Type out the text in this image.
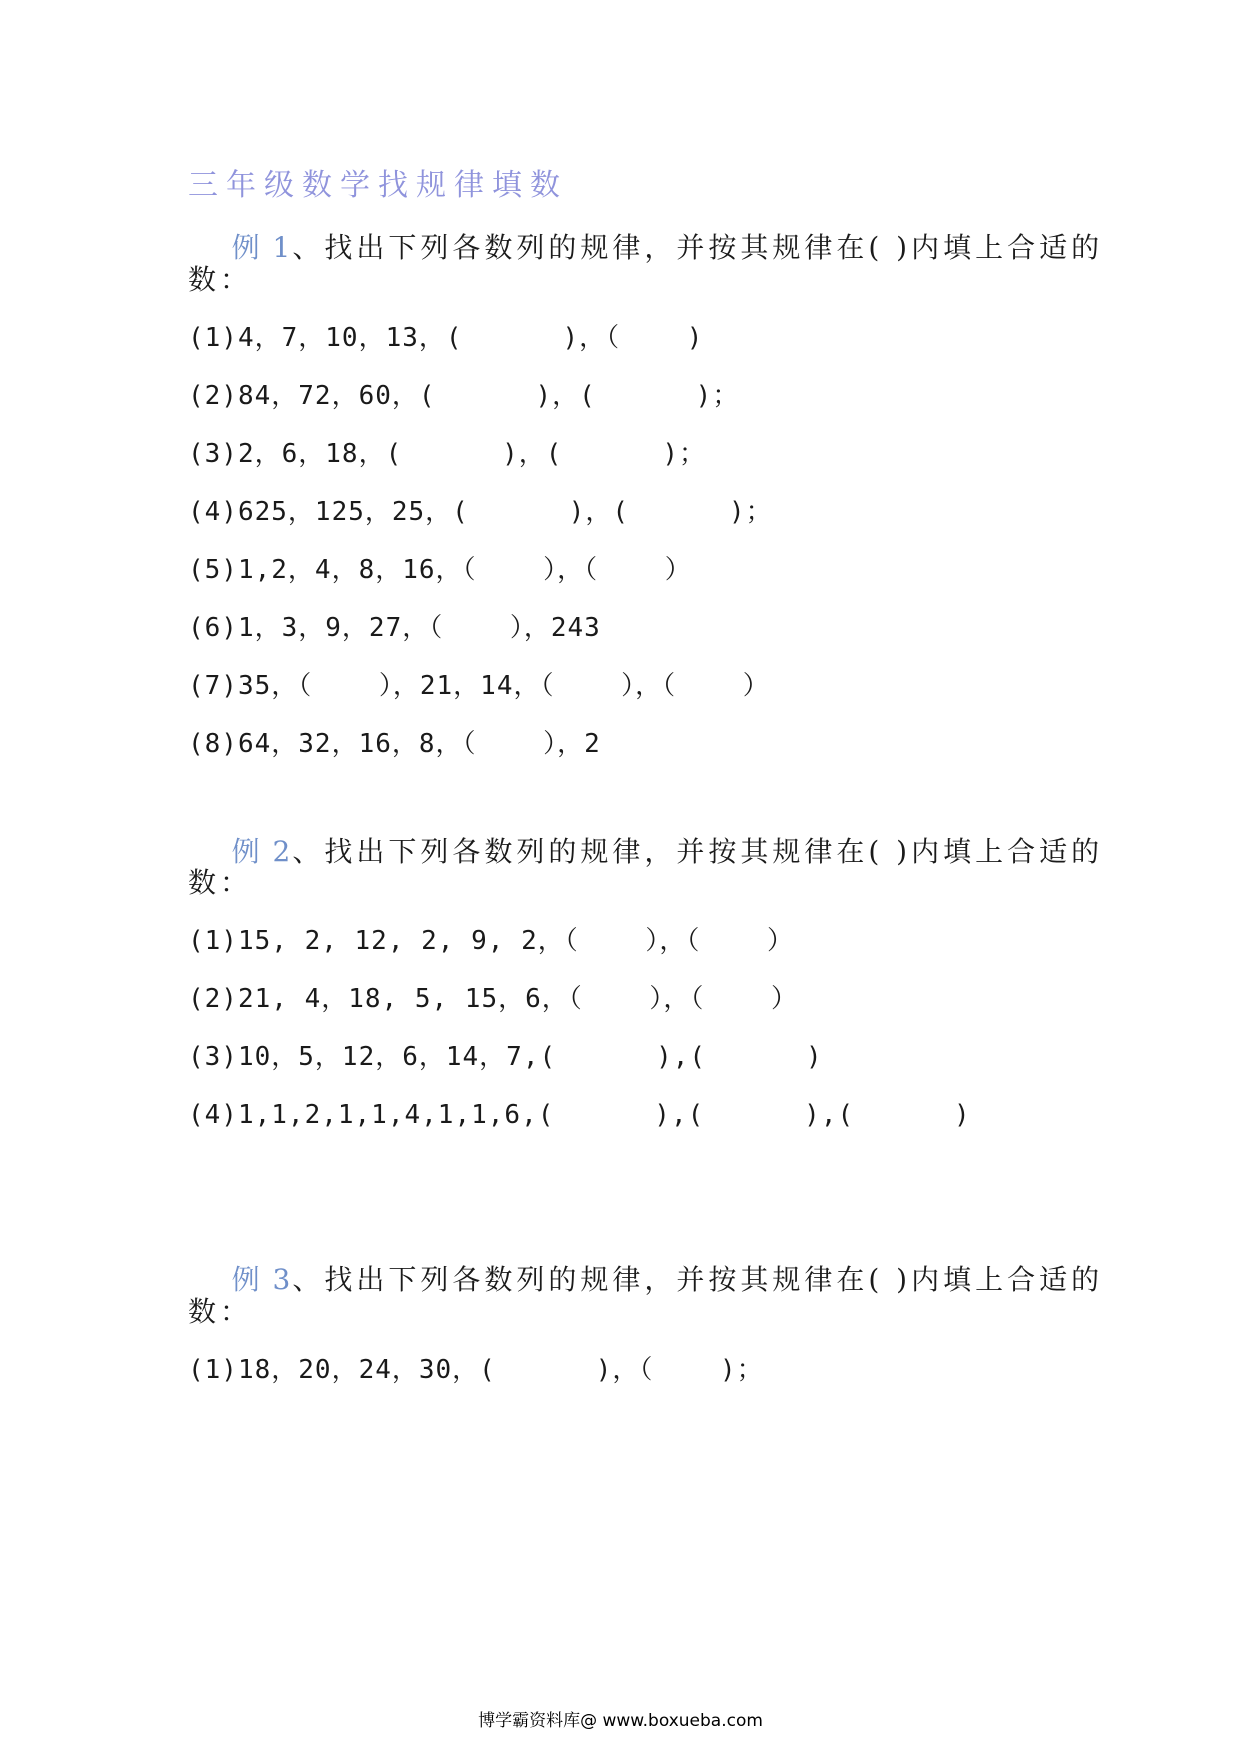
三年级数学找规律填数

例 1、找出下列各数列的规律，并按其规律在( )内填上合适的

数：
(1)4，7，10，13，(      )，（    )
(2)84，72，60，(      )，(      )；
(3)2，6，18，(      )，(      )；
(4)625，125，25，(      )，(      )；
(5)1,2，4，8，16，（    ），（    ）
(6)1，3，9，27，（    ），243
(7)35，（    ），21，14，（    ），（    ）
(8)64，32，16，8，（    ），2

例 2、找出下列各数列的规律，并按其规律在( )内填上合适的

数：
(1)15, 2, 12, 2, 9, 2，（    ），（    ）
(2)21, 4，18, 5, 15，6，（    ），（    ）
(3)10，5，12，6，14，7,(      ),(      )
(4)1,1,2,1,1,4,1,1,6,(      ),(      ),(      )

例 3、找出下列各数列的规律，并按其规律在( )内填上合适的

数：
(1)18，20，24，30，(      )，（    )；
博学霸资料库@ www.boxueba.com
